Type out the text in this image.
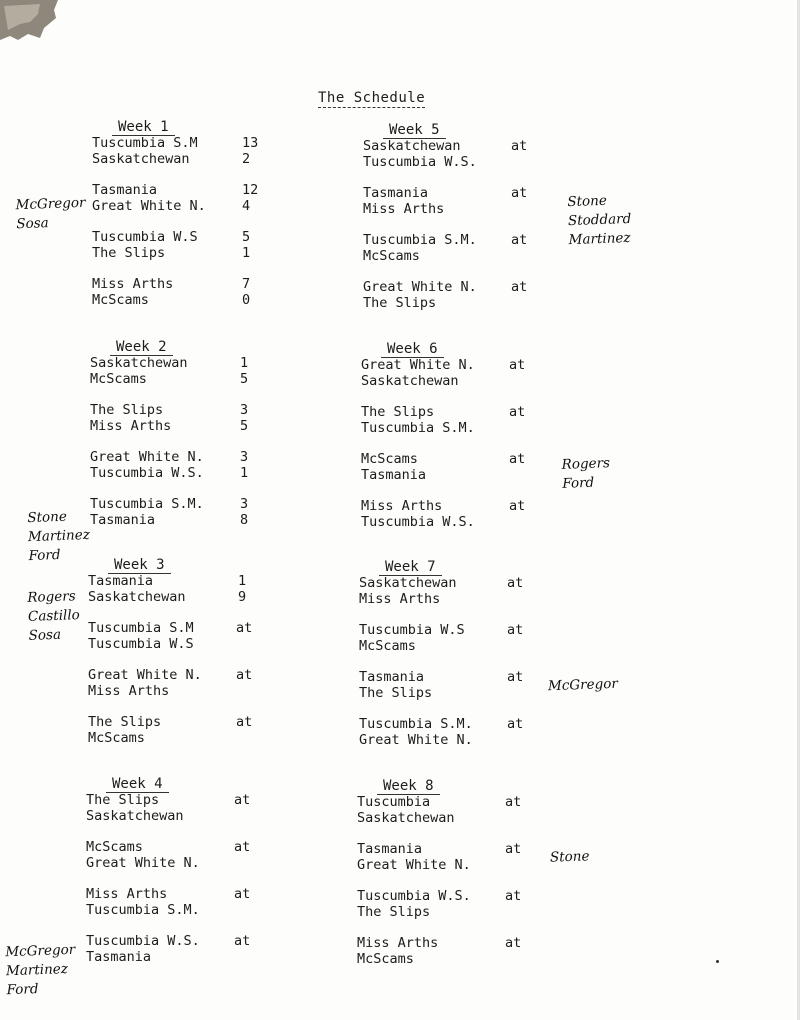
The Schedule
Week 1
Tuscumbia S.M	13
Saskatchewan	2
Tasmania	12
Great White N.	4
Tuscumbia W.S	5
The Slips	1
Miss Arths	7
McScams	0
Week 2
Saskatchewan	1
McScams	5
The Slips	3
Miss Arths	5
Great White N.	3
Tuscumbia W.S.	1
Tuscumbia S.M.	3
Tasmania	8
Week 3
Tasmania	1
Saskatchewan	9
Tuscumbia S.M	at
Tuscumbia W.S
Great White N.	at
Miss Arths
The Slips	at
McScams
Week 4
The Slips	at
Saskatchewan
McScams	at
Great White N.
Miss Arths	at
Tuscumbia S.M.
Tuscumbia W.S.	at
Tasmania
Week 5
Saskatchewan	at
Tuscumbia W.S.
Tasmania	at
Miss Arths
Tuscumbia S.M.	at
McScams
Great White N.	at
The Slips
Week 6
Great White N.	at
Saskatchewan
The Slips	at
Tuscumbia S.M.
McScams	at
Tasmania
Miss Arths	at
Tuscumbia W.S.
Week 7
Saskatchewan	at
Miss Arths
Tuscumbia W.S	at
McScams
Tasmania	at
The Slips
Tuscumbia S.M.	at
Great White N.
Week 8
Tuscumbia	at
Saskatchewan
Tasmania	at
Great White N.
Tuscumbia W.S.	at
The Slips
Miss Arths	at
McScams
McGregor
Sosa
Stone
Martinez
Ford
Rogers
Castillo
Sosa
McGregor
Martinez
Ford
Stone
Stoddard
Martinez
Rogers
Ford
McGregor
Stone
